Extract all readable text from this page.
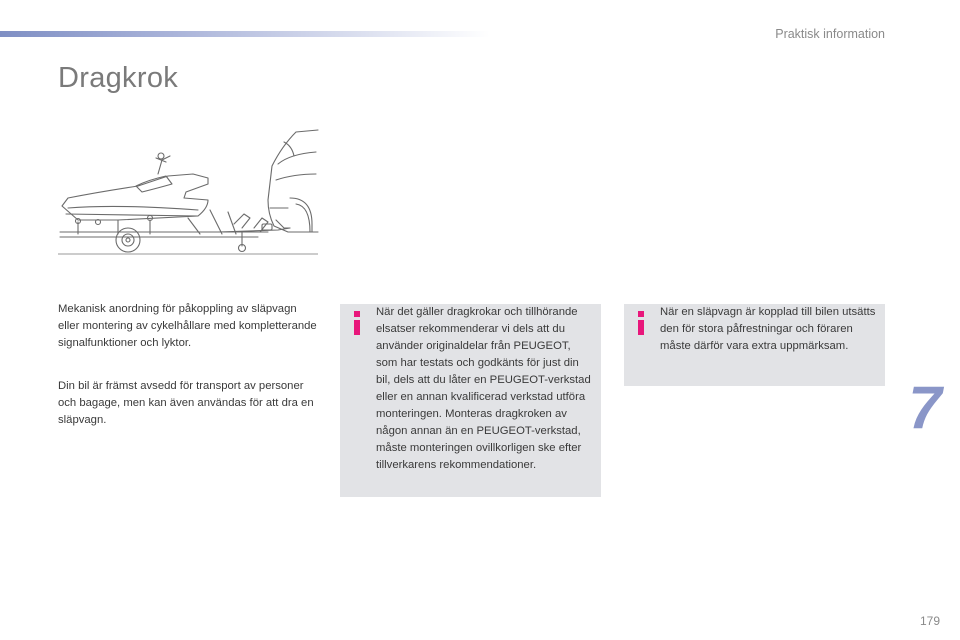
Praktisk information
Dragkrok

Mekanisk anordning för påkoppling av släpvagn eller montering av cykelhållare med kompletterande signalfunktioner och lyktor.

Din bil är främst avsedd för transport av personer och bagage, men kan även användas för att dra en släpvagn.

När det gäller dragkrokar och tillhörande elsatser rekommenderar vi dels att du använder originaldelar från PEUGEOT, som har testats och godkänts för just din bil, dels att du låter en PEUGEOT-verkstad eller en annan kvalificerad verkstad utföra monteringen. Monteras dragkroken av någon annan än en PEUGEOT-verkstad, måste monteringen ovillkorligen ske efter tillverkarens rekommendationer.

När en släpvagn är kopplad till bilen utsätts den för stora påfrestningar och föraren måste därför vara extra uppmärksam.

7
179
